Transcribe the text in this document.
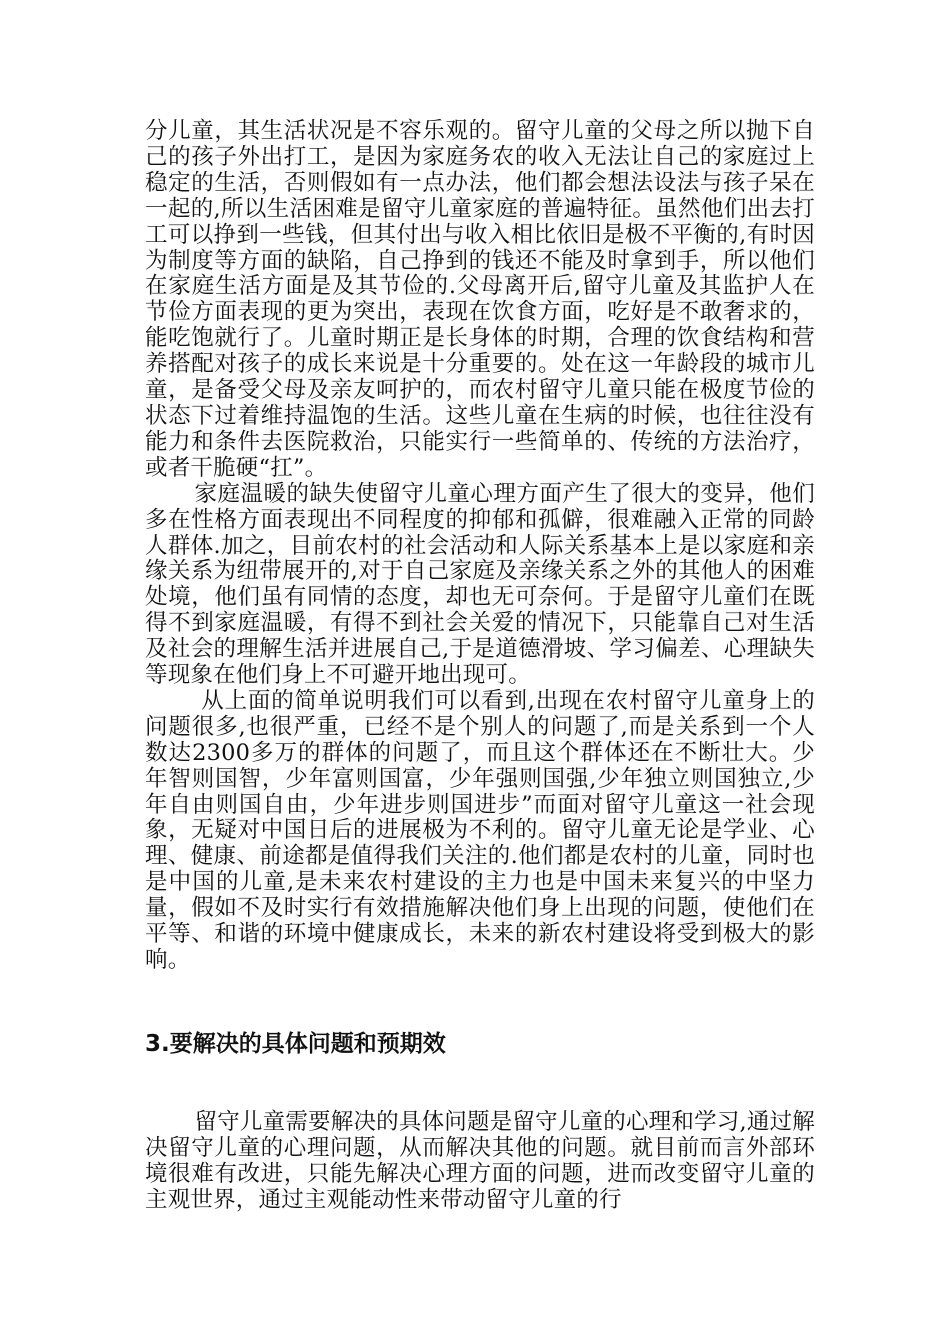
分儿童，其生活状况是不容乐观的。留守儿童的父母之所以抛下自己的孩子外出打工，是因为家庭务农的收入无法让自己的家庭过上稳定的生活，否则假如有一点办法，他们都会想法设法与孩子呆在一起的,所以生活困难是留守儿童家庭的普遍特征。虽然他们出去打工可以挣到一些钱，但其付出与收入相比依旧是极不平衡的,有时因为制度等方面的缺陷，自己挣到的钱还不能及时拿到手，所以他们在家庭生活方面是及其节俭的.父母离开后,留守儿童及其监护人在节俭方面表现的更为突出，表现在饮食方面，吃好是不敢奢求的，能吃饱就行了。儿童时期正是长身体的时期，合理的饮食结构和营养搭配对孩子的成长来说是十分重要的。处在这一年龄段的城市儿童，是备受父母及亲友呵护的，而农村留守儿童只能在极度节俭的状态下过着维持温饱的生活。这些儿童在生病的时候，也往往没有能力和条件去医院救治，只能实行一些简单的、传统的方法治疗，或者干脆硬“扛”。

家庭温暖的缺失使留守儿童心理方面产生了很大的变异，他们多在性格方面表现出不同程度的抑郁和孤僻，很难融入正常的同龄人群体.加之，目前农村的社会活动和人际关系基本上是以家庭和亲缘关系为纽带展开的,对于自己家庭及亲缘关系之外的其他人的困难处境，他们虽有同情的态度，却也无可奈何。于是留守儿童们在既得不到家庭温暖，有得不到社会关爱的情况下，只能靠自己对生活及社会的理解生活并进展自己,于是道德滑坡、学习偏差、心理缺失等现象在他们身上不可避开地出现可。

从上面的简单说明我们可以看到,出现在农村留守儿童身上的问题很多,也很严重，已经不是个别人的问题了,而是关系到一个人数达2300多万的群体的问题了，而且这个群体还在不断壮大。少年智则国智，少年富则国富，少年强则国强,少年独立则国独立,少年自由则国自由，少年进步则国进步”而面对留守儿童这一社会现象，无疑对中国日后的进展极为不利的。留守儿童无论是学业、心理、健康、前途都是值得我们关注的.他们都是农村的儿童，同时也是中国的儿童,是未来农村建设的主力也是中国未来复兴的中坚力量，假如不及时实行有效措施解决他们身上出现的问题，使他们在平等、和谐的环境中健康成长，未来的新农村建设将受到极大的影响。

3.要解决的具体问题和预期效

留守儿童需要解决的具体问题是留守儿童的心理和学习,通过解决留守儿童的心理问题，从而解决其他的问题。就目前而言外部环境很难有改进，只能先解决心理方面的问题，进而改变留守儿童的主观世界，通过主观能动性来带动留守儿童的行
